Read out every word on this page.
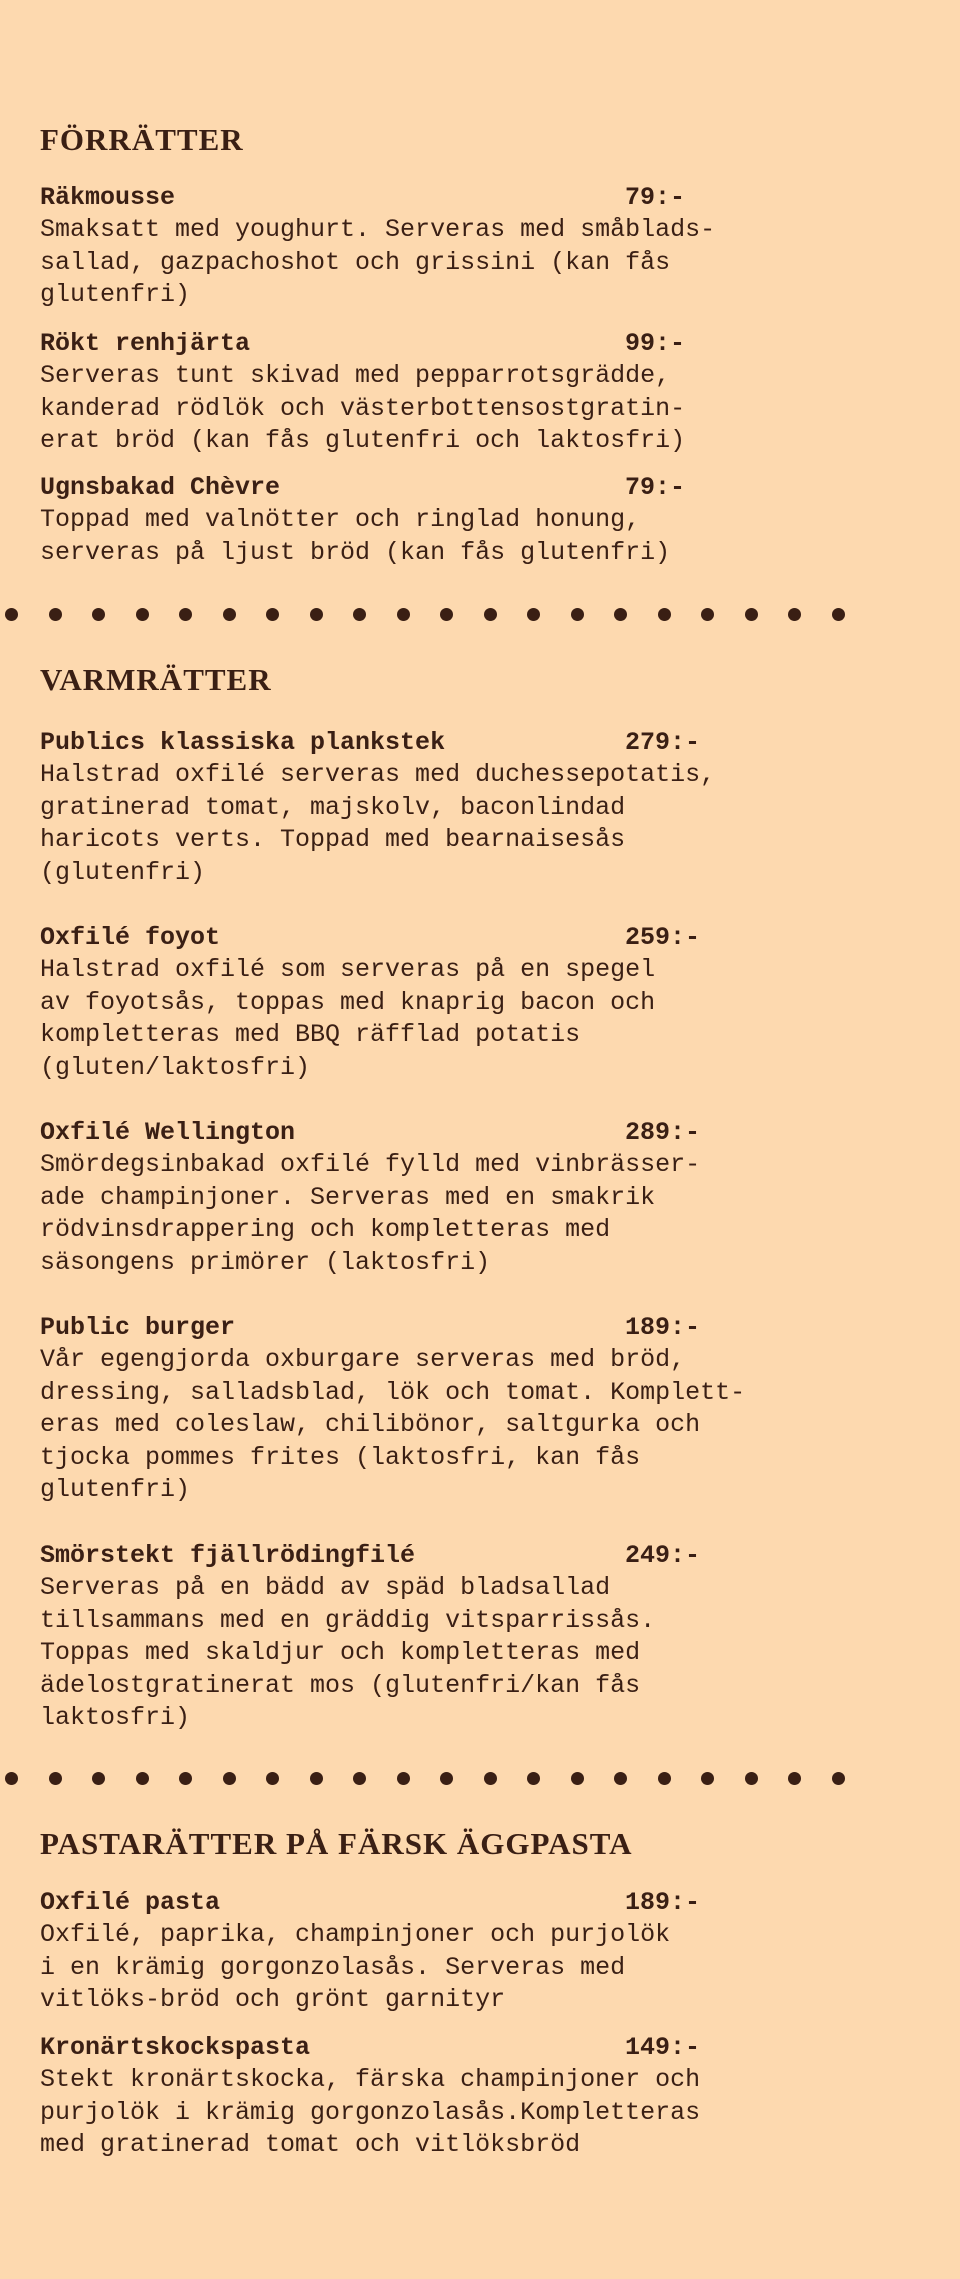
FÖRRÄTTER
Räkmousse	79:-

Smaksatt med youghurt. Serveras med småblads-
sallad, gazpachoshot och grissini (kan fås
glutenfri)

Rökt renhjärta	99:-

Serveras tunt skivad med pepparrotsgrädde,
kanderad rödlök och västerbottensostgratin-
erat bröd (kan fås glutenfri och laktosfri)

Ugnsbakad Chèvre	79:-

Toppad med valnötter och ringlad honung,
serveras på ljust bröd (kan fås glutenfri)

VARMRÄTTER
Publics klassiska plankstek	279:-

Halstrad oxfilé serveras med duchessepotatis,
gratinerad tomat, majskolv, baconlindad
haricots verts. Toppad med bearnaisesås
(glutenfri)

Oxfilé foyot	259:-

Halstrad oxfilé som serveras på en spegel
av foyotsås, toppas med knaprig bacon och
kompletteras med BBQ räfflad potatis
(gluten/laktosfri)

Oxfilé Wellington	289:-

Smördegsinbakad oxfilé fylld med vinbrässer-
ade champinjoner. Serveras med en smakrik
rödvinsdrappering och kompletteras med
säsongens primörer (laktosfri)

Public burger	189:-

Vår egengjorda oxburgare serveras med bröd,
dressing, salladsblad, lök och tomat. Komplett-
eras med coleslaw, chilibönor, saltgurka och
tjocka pommes frites (laktosfri, kan fås
glutenfri)

Smörstekt fjällrödingfilé	249:-

Serveras på en bädd av späd bladsallad
tillsammans med en gräddig vitsparrissås.
Toppas med skaldjur och kompletteras med
ädelostgratinerat mos (glutenfri/kan fås
laktosfri)

PASTARÄTTER PÅ FÄRSK ÄGGPASTA
Oxfilé pasta	189:-

Oxfilé, paprika, champinjoner och purjolök
i en krämig gorgonzolasås. Serveras med
vitlöks-bröd och grönt garnityr

Kronärtskockspasta	149:-

Stekt kronärtskocka, färska champinjoner och
purjolök i krämig gorgonzolasås.Kompletteras
med gratinerad tomat och vitlöksbröd
